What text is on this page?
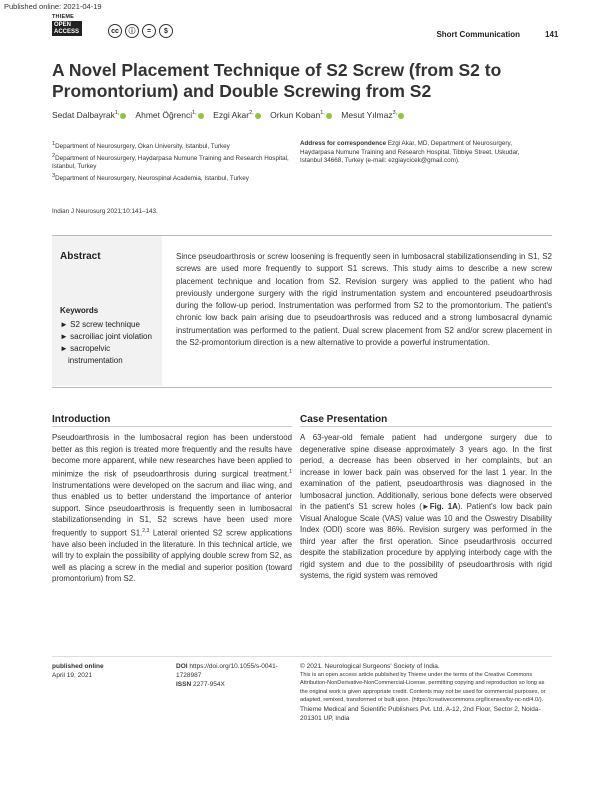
Published online: 2021-04-19
THIEME
OPEN
ACCESS	cc	ⓘ	=	$	Short Communication	141
A Novel Placement Technique of S2 Screw (from S2 to Promontorium) and Double Screwing from S2
Sedat Dalbayrak$^{1,}$ Ahmet Öğrenci$^{1,}$ Ezgi Akar$^{2,}$ Orkun Koban$^{1,}$ Mesut Yılmaz$^{3,}$
$^1$Department of Neurosurgery, Okan University, Istanbul, Turkey
$^2$Department of Neurosurgery, Haydarpasa Numune Training and Research Hospital, Istanbul, Turkey
$^3$Department of Neurosurgery, Neurospinal Academia, Istanbul, Turkey
Address for correspondence Ezgi Akar, MD, Department of Neurosurgery, Haydarpasa Numune Training and Research Hospital, Tibbiye Street, Uskudar, Istanbul 34668, Turkey (e-mail: ezgiaycicek@gmail.com).
Indian J Neurosurg 2021;10:141–143.
Abstract
Keywords
► S2 screw technique
► sacroiliac joint violation
► sacropelvic instrumentation
Since pseudoarthrosis or screw loosening is frequently seen in lumbosacral stabilizationsending in S1, S2 screws are used more frequently to support S1 screws. This study aims to describe a new screw placement technique and location from S2. Revision surgery was applied to the patient who had previously undergone surgery with the rigid instrumentation system and encountered pseudoarthrosis during the follow-up period. Instrumentation was performed from S2 to the promontorium. The patient's chronic low back pain arising due to pseudoarthrosis was reduced and a strong lumbosacral dynamic instrumentation was performed to the patient. Dual screw placement from S2 and/or screw placement in the S2-promontorium direction is a new alternative to provide a powerful instrumentation.
Introduction
Pseudoarthrosis in the lumbosacral region has been understood better as this region is treated more frequently and the results have become more apparent, while new researches have been applied to minimize the risk of pseudoarthrosis during surgical treatment.$^1$ Instrumentations were developed on the sacrum and iliac wing, and thus enabled us to better understand the importance of anterior support. Since pseudoarthrosis is frequently seen in lumbosacral stabilizationsending in S1, S2 screws have been used more frequently to support S1.$^{2,3}$ Lateral oriented S2 screw applications have also been included in the literature. In this technical article, we will try to explain the possibility of applying double screw from S2, as well as placing a screw in the medial and superior position (toward promontorium) from S2.
Case Presentation
A 63-year-old female patient had undergone surgery due to degenerative spine disease approximately 3 years ago. In the first period, a decrease has been observed in her complaints, but an increase in lower back pain was observed for the last 1 year. In the examination of the patient, pseudoarthrosis was diagnosed in the lumbosacral junction. Additionally, serious bone defects were observed in the patient's S1 screw holes (►Fig. 1A). Patient's low back pain Visual Analogue Scale (VAS) value was 10 and the Oswestry Disability Index (ODI) score was 86%. Revision surgery was performed in the third year after the first operation. Since pseudarthrosis occurred despite the stabilization procedure by applying interbody cage with the rigid system and due to the possibility of pseudoarthrosis with rigid systems, the rigid system was removed
published online
April 19, 2021
DOI https://doi.org/10.1055/s-0041-1728987
ISSN 2277-954X
© 2021. Neurological Surgeons' Society of India.
This is an open access article published by Thieme under the terms of the Creative Commons Attribution-NonDerivative-NonCommercial-License, permitting copying and reproduction so long as the original work is given appropriate credit. Contents may not be used for commercial purposes, or adapted, remixed, transformed or built upon. (https://creativecommons.org/licenses/by-nc-nd/4.0/).
Thieme Medical and Scientific Publishers Pvt. Ltd. A-12, 2nd Floor, Sector 2, Noida-201301 UP, India
